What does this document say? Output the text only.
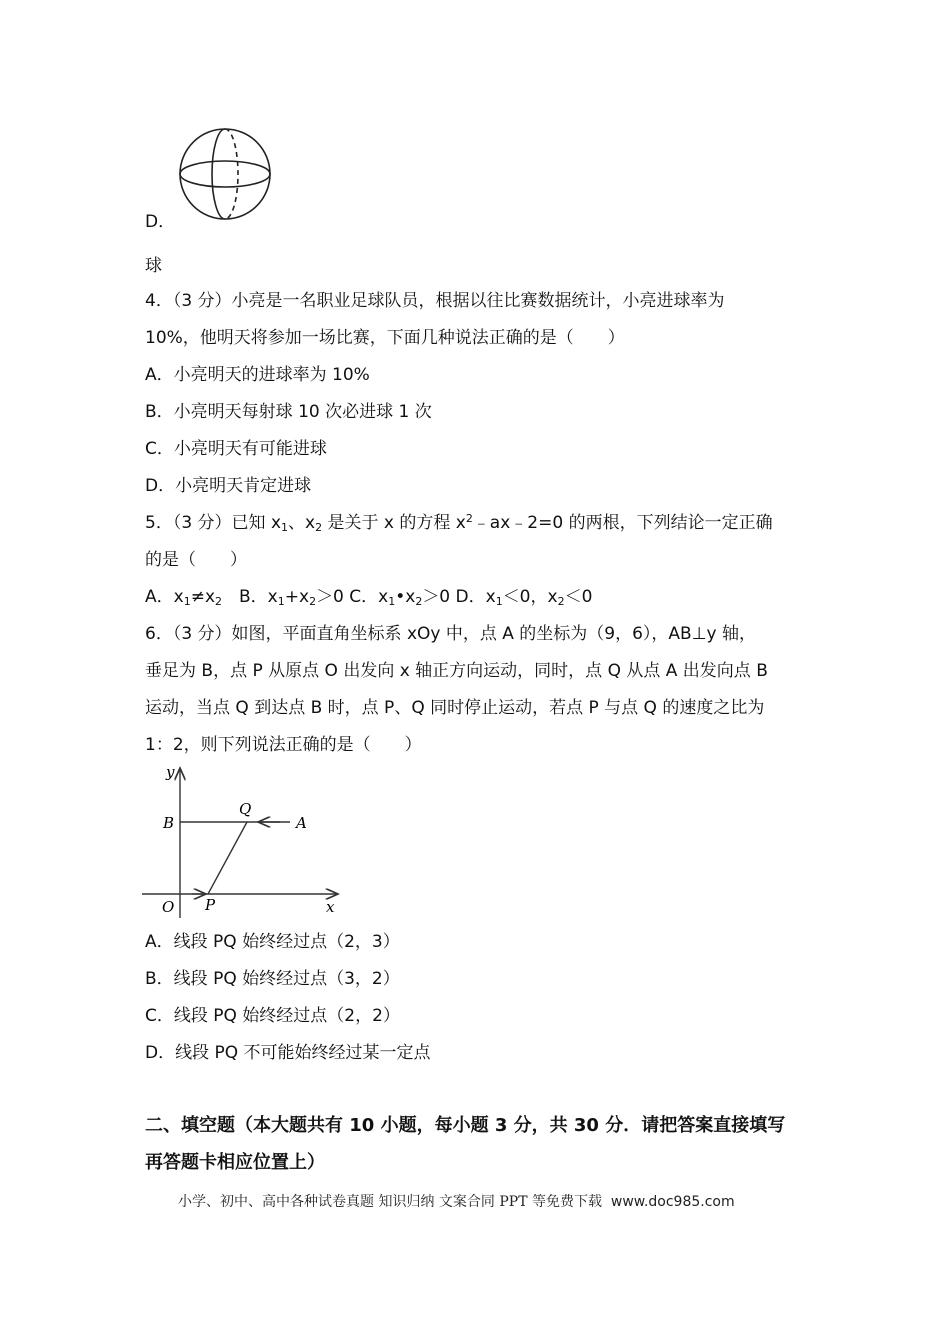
D．
球
4．（3 分）小亮是一名职业足球队员，根据以往比赛数据统计，小亮进球率为
10%，他明天将参加一场比赛，下面几种说法正确的是（　　）
A．小亮明天的进球率为 10%
B．小亮明天每射球 10 次必进球 1 次
C．小亮明天有可能进球
D．小亮明天肯定进球
5．（3 分）已知 $x_1$、$x_2$ 是关于 x 的方程 $x^2﹣ax﹣2=0$ 的两根，下列结论一定正确
的是（　　）
A．$x_1\ne x_2$　B．$x_1+x_2>0$ C．$x_1•x_2>0$ D．$x_1<0$，$x_2<0$
6．（3 分）如图，平面直角坐标系 xOy 中，点 A 的坐标为（9，6），AB⊥y 轴，
垂足为 B，点 P 从原点 O 出发向 x 轴正方向运动，同时，点 Q 从点 A 出发向点 B
运动，当点 Q 到达点 B 时，点 P、Q 同时停止运动，若点 P 与点 Q 的速度之比为
1：2，则下列说法正确的是（　　）
y
x
O P
Q
A
B
A．线段 PQ 始终经过点（2，3）
B．线段 PQ 始终经过点（3，2）
C．线段 PQ 始终经过点（2，2）
D．线段 PQ 不可能始终经过某一定点
二、填空题（本大题共有 10 小题，每小题 3 分，共 30 分．请把答案直接填写
再答题卡相应位置上）
小学、初中、高中各种试卷真题 知识归纳 文案合同 PPT 等免费下载 www.doc985.com
